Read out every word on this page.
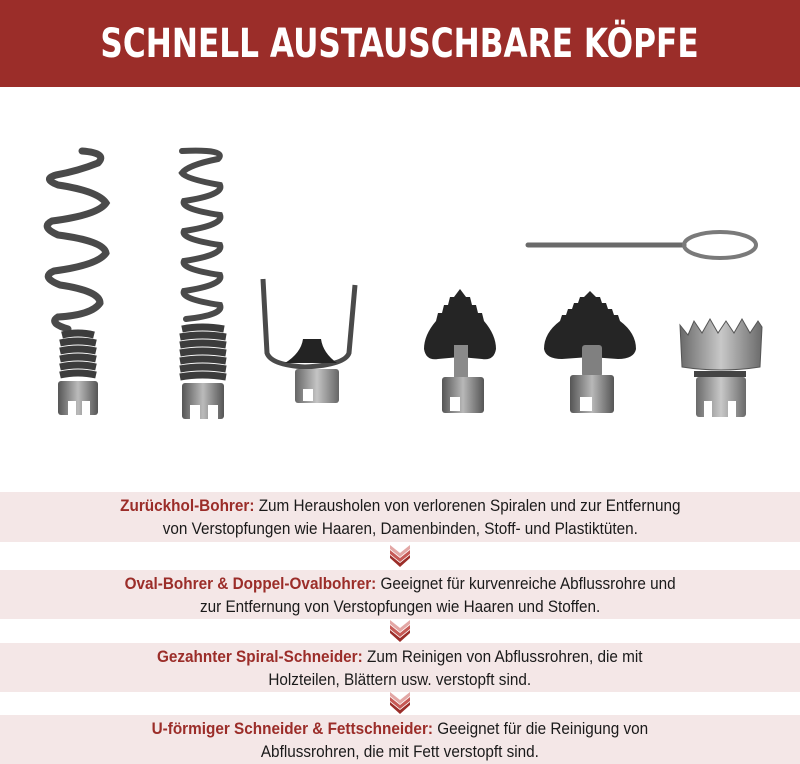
SCHNELL AUSTAUSCHBARE KÖPFE
Zurückhol-Bohrer: Zum Herausholen von verlorenen Spiralen und zur Entfernung
von Verstopfungen wie Haaren, Damenbinden, Stoff- und Plastiktüten.
Oval-Bohrer & Doppel-Ovalbohrer: Geeignet für kurvenreiche Abflussrohre und
zur Entfernung von Verstopfungen wie Haaren und Stoffen.
Gezahnter Spiral-Schneider: Zum Reinigen von Abflussrohren, die mit
Holzteilen, Blättern usw. verstopft sind.
U-förmiger Schneider & Fettschneider: Geeignet für die Reinigung von
Abflussrohren, die mit Fett verstopft sind.
